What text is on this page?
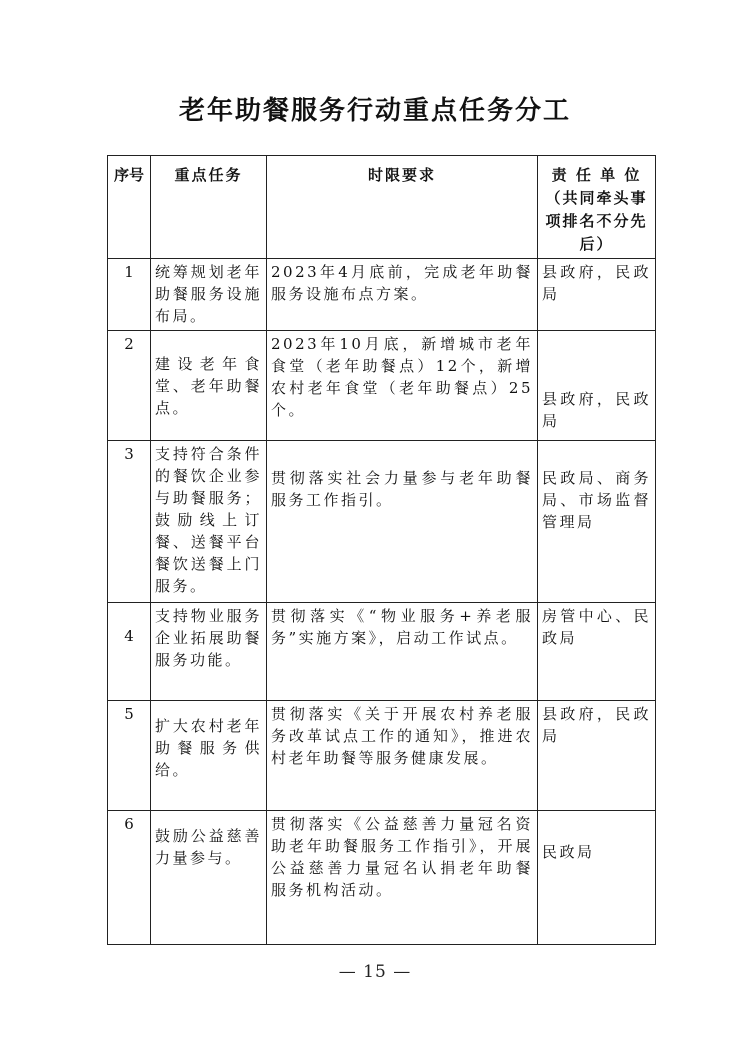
老年助餐服务行动重点任务分工
序号	重点任务	时限要求	责 任 单 位（共同牵头事项排名不分先后）
1	统筹规划老年助餐服务设施布局。	2023年4月底前，完成老年助餐服务设施布点方案。	县政府，民政局
2	建设老年食堂、老年助餐点。	2023年10月底，新增城市老年食堂（老年助餐点）12个，新增农村老年食堂（老年助餐点）25个。	县政府，民政局
3	支持符合条件的餐饮企业参与助餐服务；鼓励线上订餐、送餐平台餐饮送餐上门服务。	贯彻落实社会力量参与老年助餐服务工作指引。	民政局、商务局、市场监督管理局
4	支持物业服务企业拓展助餐服务功能。	贯彻落实《“物业服务+养老服务”实施方案》，启动工作试点。	房管中心、民政局
5	扩大农村老年助餐服务供给。	贯彻落实《关于开展农村养老服务改革试点工作的通知》，推进农村老年助餐等服务健康发展。	县政府，民政局
6	鼓励公益慈善力量参与。	贯彻落实《公益慈善力量冠名资助老年助餐服务工作指引》，开展公益慈善力量冠名认捐老年助餐服务机构活动。	民政局
— 15 —
